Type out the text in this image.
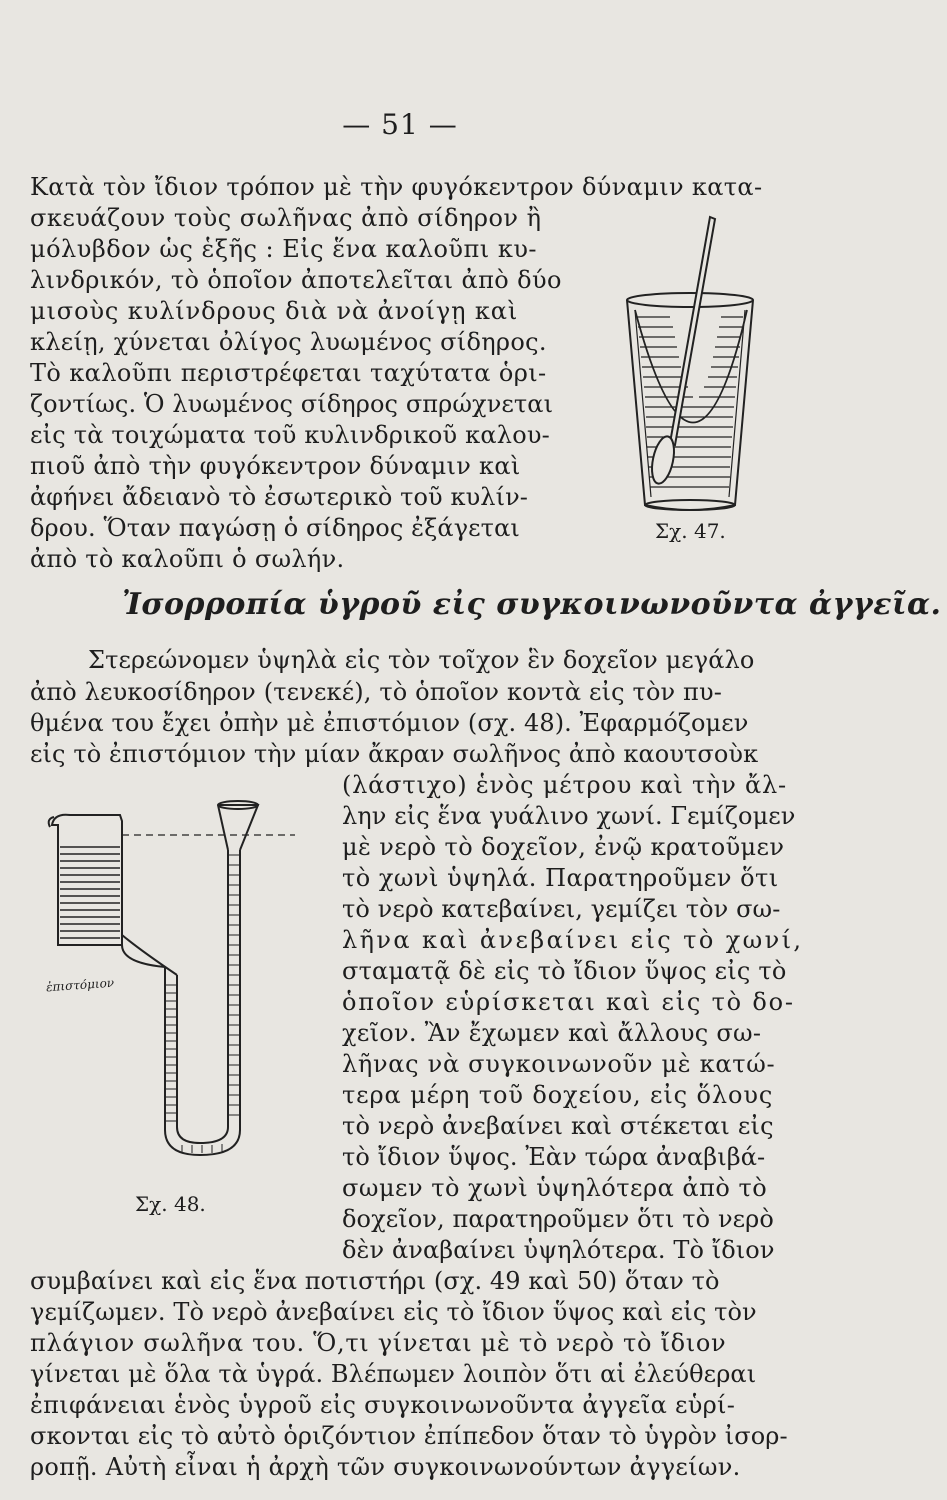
— 51 —
Κατὰ τὸν ἴδιον τρόπον μὲ τὴν φυγόκεντρον δύναμιν κατα-
σκευάζουν τοὺς σωλῆνας ἀπὸ σίδηρον ἢ
μόλυβδον ὡς ἑξῆς : Εἰς ἕνα καλοῦπι κυ-
λινδρικόν, τὸ ὁποῖον ἀποτελεῖται ἀπὸ δύο
μισοὺς κυλίνδρους διὰ νὰ ἀνοίγῃ καὶ
κλείῃ, χύνεται ὀλίγος λυωμένος σίδηρος.
Τὸ καλοῦπι περιστρέφεται ταχύτατα ὁρι-
ζοντίως. Ὁ λυωμένος σίδηρος σπρώχνεται
εἰς τὰ τοιχώματα τοῦ κυλινδρικοῦ καλου-
πιοῦ ἀπὸ τὴν φυγόκεντρον δύναμιν καὶ
ἀφήνει ἄδειανὸ τὸ ἐσωτερικὸ τοῦ κυλίν-
δρου. Ὅταν παγώσῃ ὁ σίδηρος ἐξάγεται
ἀπὸ τὸ καλοῦπι ὁ σωλήν.
Σχ. 47.
Ἰσορροπία ὑγροῦ εἰς συγκοινωνοῦντα ἀγγεῖα.
Στερεώνομεν ὑψηλὰ εἰς τὸν τοῖχον ἓν δοχεῖον μεγάλο
ἀπὸ λευκοσίδηρον (τενεκέ), τὸ ὁποῖον κοντὰ εἰς τὸν πυ-
θμένα του ἔχει ὀπὴν μὲ ἐπιστόμιον (σχ. 48). Ἐφαρμόζομεν
εἰς τὸ ἐπιστόμιον τὴν μίαν ἄκραν σωλῆνος ἀπὸ καουτσοὺκ
(λάστιχο) ἑνὸς μέτρου καὶ τὴν ἄλ-
λην εἰς ἕνα γυάλινο χωνί. Γεμίζομεν
μὲ νερὸ τὸ δοχεῖον, ἐνῷ κρατοῦμεν
τὸ χωνὶ ὑψηλά. Παρατηροῦμεν ὅτι
τὸ νερὸ κατεβαίνει, γεμίζει τὸν σω-
λῆνα καὶ ἀνεβαίνει εἰς τὸ χωνί,
σταματᾷ δὲ εἰς τὸ ἴδιον ὕψος εἰς τὸ
ὁποῖον εὑρίσκεται καὶ εἰς τὸ δο-
χεῖον. Ἂν ἔχωμεν καὶ ἄλλους σω-
λῆνας νὰ συγκοινωνοῦν μὲ κατώ-
τερα μέρη τοῦ δοχείου, εἰς ὅλους
τὸ νερὸ ἀνεβαίνει καὶ στέκεται εἰς
τὸ ἴδιον ὕψος. Ἐὰν τώρα ἀναβιβά-
σωμεν τὸ χωνὶ ὑψηλότερα ἀπὸ τὸ
δοχεῖον, παρατηροῦμεν ὅτι τὸ νερὸ
δὲν ἀναβαίνει ὑψηλότερα. Τὸ ἴδιον
συμβαίνει καὶ εἰς ἕνα ποτιστήρι (σχ. 49 καὶ 50) ὅταν τὸ
γεμίζωμεν. Τὸ νερὸ ἀνεβαίνει εἰς τὸ ἴδιον ὕψος καὶ εἰς τὸν
πλάγιον σωλῆνα του. Ὅ,τι γίνεται μὲ τὸ νερὸ τὸ ἴδιον
γίνεται μὲ ὅλα τὰ ὑγρά. Βλέπωμεν λοιπὸν ὅτι αἱ ἐλεύθεραι
ἐπιφάνειαι ἑνὸς ὑγροῦ εἰς συγκοινωνοῦντα ἀγγεῖα εὑρί-
σκονται εἰς τὸ αὐτὸ ὁριζόντιον ἐπίπεδον ὅταν τὸ ὑγρὸν ἰσορ-
ροπῇ. Αὐτὴ εἶναι ἡ ἀρχὴ τῶν συγκοινωνούντων ἀγγείων.
ἐπιστόμιον
Σχ. 48.
